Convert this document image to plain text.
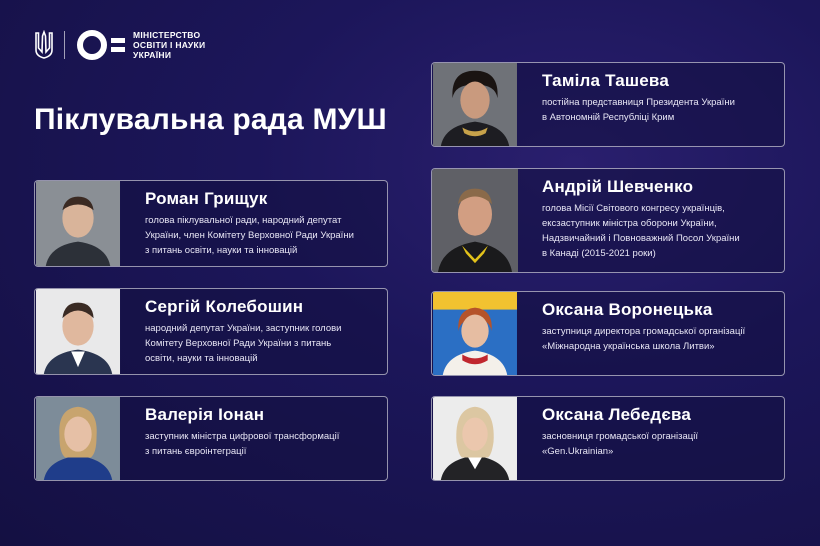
МІНІСТЕРСТВО
ОСВІТИ І НАУКИ
УКРАЇНИ
Піклувальна рада МУШ
Роман Грищук
голова піклувальної ради, народний депутат
України, член Комітету Верховної Ради України
з питань освіти, науки та інновацій
Сергій Колебошин
народний депутат України, заступник голови
Комітету Верховної Ради України з питань
освіти, науки та інновацій
Валерія Іонан
заступник міністра цифрової трансформації
з питань євроінтеграції
Таміла Ташева
постійна представниця Президента України
в Автономній Республіці Крим
Андрій Шевченко
голова Місії Світового конгресу українців,
ексзаступник міністра оборони України,
Надзвичайний і Повноважний Посол України
в Канаді (2015-2021 роки)
Оксана Воронецька
заступниця директора громадської організації
«Міжнародна українська школа Литви»
Оксана Лебедєва
засновниця громадської організації
«Gen.Ukrainian»
